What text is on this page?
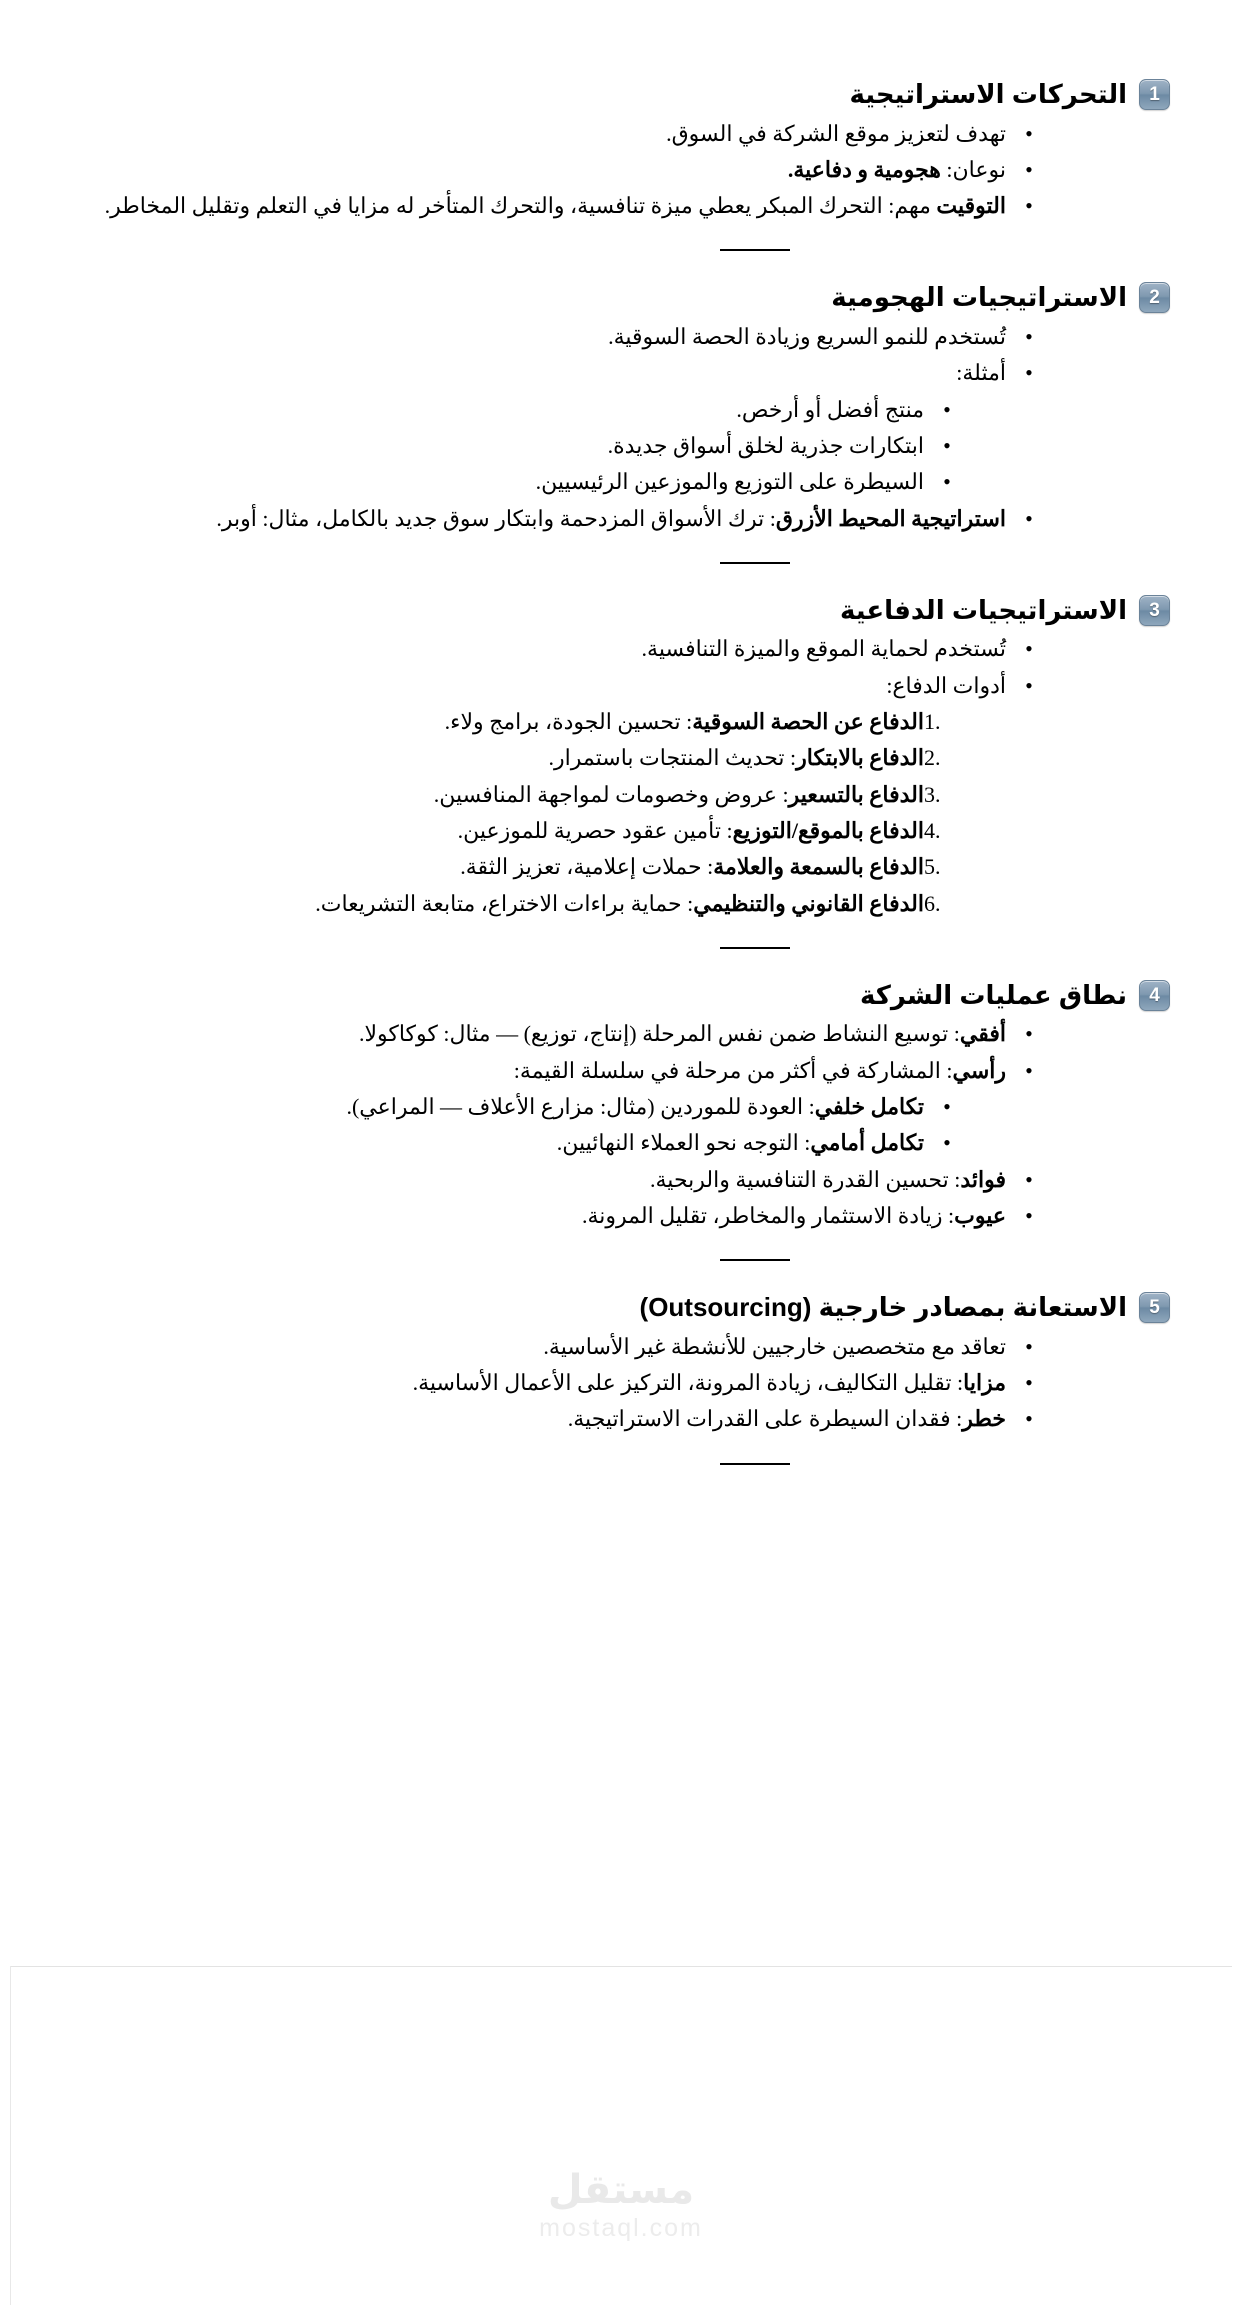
1
التحركات الاستراتيجية
•
تهدف لتعزيز موقع الشركة في السوق.
•
نوعان: هجومية و دفاعية.
•
التوقيت مهم: التحرك المبكر يعطي ميزة تنافسية، والتحرك المتأخر له مزايا في التعلم وتقليل المخاطر.
2
الاستراتيجيات الهجومية
•
تُستخدم للنمو السريع وزيادة الحصة السوقية.
•
أمثلة:
•
منتج أفضل أو أرخص.
•
ابتكارات جذرية لخلق أسواق جديدة.
•
السيطرة على التوزيع والموزعين الرئيسيين.
•
استراتيجية المحيط الأزرق: ترك الأسواق المزدحمة وابتكار سوق جديد بالكامل، مثال: أوبر.
3
الاستراتيجيات الدفاعية
•
تُستخدم لحماية الموقع والميزة التنافسية.
•
أدوات الدفاع:
1.
الدفاع عن الحصة السوقية: تحسين الجودة، برامج ولاء.
2.
الدفاع بالابتكار: تحديث المنتجات باستمرار.
3.
الدفاع بالتسعير: عروض وخصومات لمواجهة المنافسين.
4.
الدفاع بالموقع/التوزيع: تأمين عقود حصرية للموزعين.
5.
الدفاع بالسمعة والعلامة: حملات إعلامية، تعزيز الثقة.
6.
الدفاع القانوني والتنظيمي: حماية براءات الاختراع، متابعة التشريعات.
4
نطاق عمليات الشركة
•
أفقي: توسيع النشاط ضمن نفس المرحلة (إنتاج، توزيع) — مثال: كوكاكولا.
•
رأسي: المشاركة في أكثر من مرحلة في سلسلة القيمة:
•
تكامل خلفي: العودة للموردين (مثال: مزارع الأعلاف — المراعي).
•
تكامل أمامي: التوجه نحو العملاء النهائيين.
•
فوائد: تحسين القدرة التنافسية والربحية.
•
عيوب: زيادة الاستثمار والمخاطر، تقليل المرونة.
5
الاستعانة بمصادر خارجية (Outsourcing)
•
تعاقد مع متخصصين خارجيين للأنشطة غير الأساسية.
•
مزايا: تقليل التكاليف، زيادة المرونة، التركيز على الأعمال الأساسية.
•
خطر: فقدان السيطرة على القدرات الاستراتيجية.
مستقل
mostaql.com
